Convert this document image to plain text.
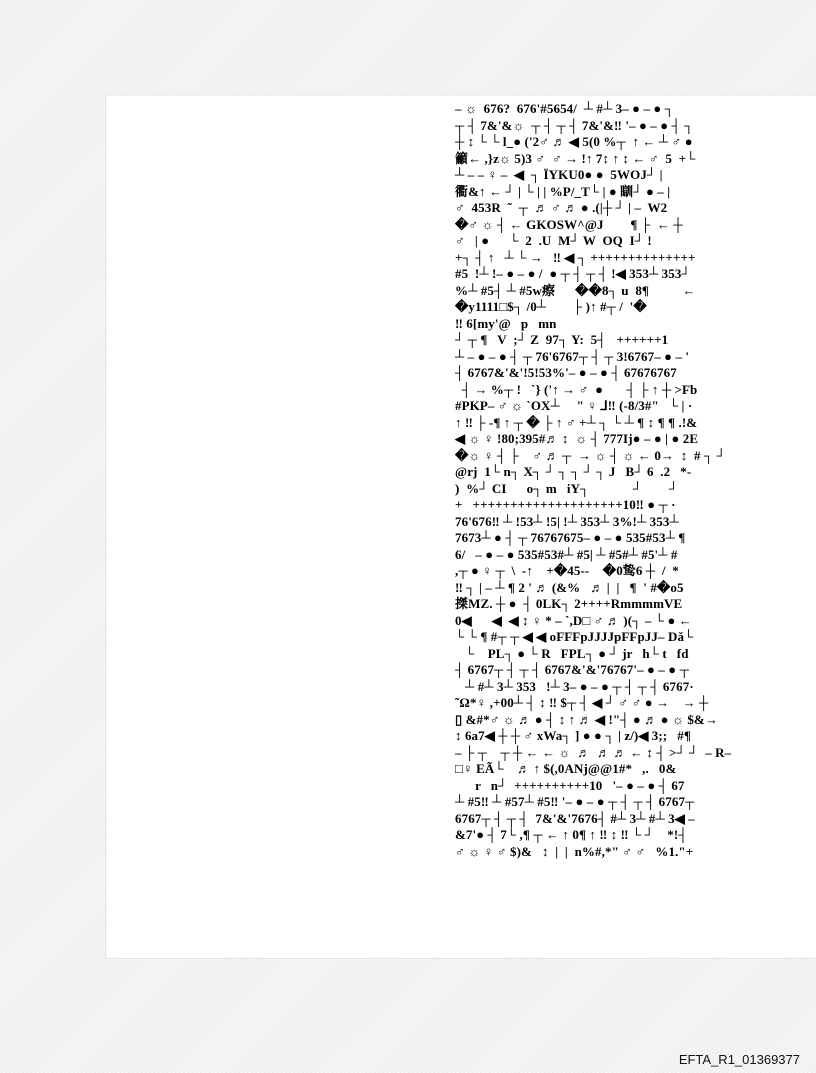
– ☼  676?  676'#5654/  ┴ #┴ 3– ● – ● ┐
┬ ┤ 7&'&☼  ┬ ┤ ┬ ┤ 7&'&‼ '– ● – ● ┤ ┐
┼ ↕ └ └ l_● ('2♂ ♬ ◀ 5(0 %┬  ↑ ← ┴ ♂ ●
籲← ,}z☼ 5)3 ♂  ♂ → !↑ 7↕ ↑ ↕ ← ♂  5  +└
┴ – – ♀ –  ◀  ┐ ÏYKU0● ●  5WOJ┘ |
衢&↑ ← ┘ | └ | | %P/_T└ | ● 瞓┘ ● – |
♂  453R  ˜  ┬  ♬ ♂ ♬ ● .(|┼ ┘ | –  W2
�♂ ☼ ┤ ← GKOSW^@J        ¶ ├  ← ┼
♂   | ●      └  2  .U  M┘ W  OQ  I┘ !
+┐ ┤ ↑   ┴ └ →   ‼ ◀ ┐ ++++++++++++++
#5  !┴ !– ● – ● /  ● ┬ ┤ ┬ ┤ !◀ 353┴ 353┘
%┴ #5┤ ┴ #5w瘵      ��8┐ u  8¶          ←
�y1111□$┐ /0┴        ├ )↑ #┬ /  '�
‼ 6[my'@   p   mn
┘ ┬ ¶   V  ;┘ Z  97┐ Y:  5┤   ++++++1
┴ – ● – ● ┤ ┬ 76'6767┬ ┤ ┬ 3!6767– ● – '
┤ 6767&'&'!5!53%'– ● – ● ┤ 67676767
┤ → %┬ !   `} ('↑ → ♂  ●       ┤ ├ ↑ ┼ >Fb
#PKP– ♂ ☼ `OX┴     " ♀ ⅃‼ (-8/3#"   └ | ·
↑ ‼ ├ -¶ ↑ ┬ � ├ ↑ ♂ +┴ ┐ └ ┴ ¶ ↕ ¶ ¶ .!&
◀ ☼ ♀ !80;395#♬ ↕  ☼ ┤ 777Ij● – ● | ● 2E
�☼ ♀ ┤ ├    ♂ ♬ ┬  → ☼ ┤ ☼ ← 0→  ↕  # ┐ ┘
@rj  1└ n┐ X┐ ┘ ┐ ┐ ┘ ┐ J   B┘ 6  .2   *-
)  %┘ CI      o┐ m   iY┐             ┘        ┘
+   ++++++++++++++++++++10‼ ● ┬ ·
76'676‼ ┴ !53┴ !5| !┴ 353┴ 3%!┴ 353┴
7673┴ ● ┤ ┬ 76767675– ● – ● 535#53┴ ¶
6/   – ● – ● 535#53#┴ #5| ┴ #5#┴ #5'┴ #
,┬ ● ♀ ┬  \  -↑    +�45--    �0鸷6 ┼  /  *
‼ ┐ | – ┴ ¶ 2 ' ♬ (&%   ♬ |  |   ¶  ' #�o5
搩MZ. ┼ ●  ┤ 0LK┐ 2++++RmmmmVE
0◀      ◀  ◀ ↕ ♀ * – `,D□ ♂ ♬ )(┐ – └ ● ←
└ └ ¶ #┬ ┬ ◀ ◀ oFFFpJJJJpFFpJJ– Dǎ└
└    PL┐ ● └ R   FPL┐ ● ┘ jr   h└ t   fd
┤ 6767┬ ┤ ┬ ┤ 6767&'&'76767'– ● – ● ┬
┴ #┴ 3┴ 353   !┴ 3– ● – ● ┬ ┤ ┬ ┤ 6767·
˜Ω*♀ ,+00┴ ┤ ↕ ‼ $┬ ┤ ◀ ┘ ♂ ♂ ● →    → ┼
▯ &#*♂ ☼ ♬ ● ┤ ↕ ↑ ♬ ◀ !"┤ ● ♬ ● ☼ $&→
↕ 6a7◀ ┼ ┼ ♂ xWa┐ ] ● ● ┐ | z/)◀ 3;;   #¶
– ├ ┬    ┬ ┼ ← ← ☼  ♬  ♬ ♬ ← ↕ ┤ >┘ ┘  – R–
□♀ EÃ└    ♬ ↑ $(,0ANj@@1#*   ,.   0&
r   n┘  ++++++++++10   '– ● – ● ┤ 67
┴ #5‼ ┴ #57┴ #5‼ '– ● – ● ┬ ┤ ┬ ┤ 6767┬
6767┬ ┤ ┬ ┤  7&'&'7676┤ #┴ 3┴ #┴ 3◀ –
&7'● ┤ 7└ ,¶ ┬ ← ↑ 0¶ ↑ ‼ ↕ ‼ └ ┘    *!┤
♂ ☼ ♀ ♂ $)&   ↕  |  |  n%#,*" ♂ ♂   %1."+
EFTA_R1_01369377
